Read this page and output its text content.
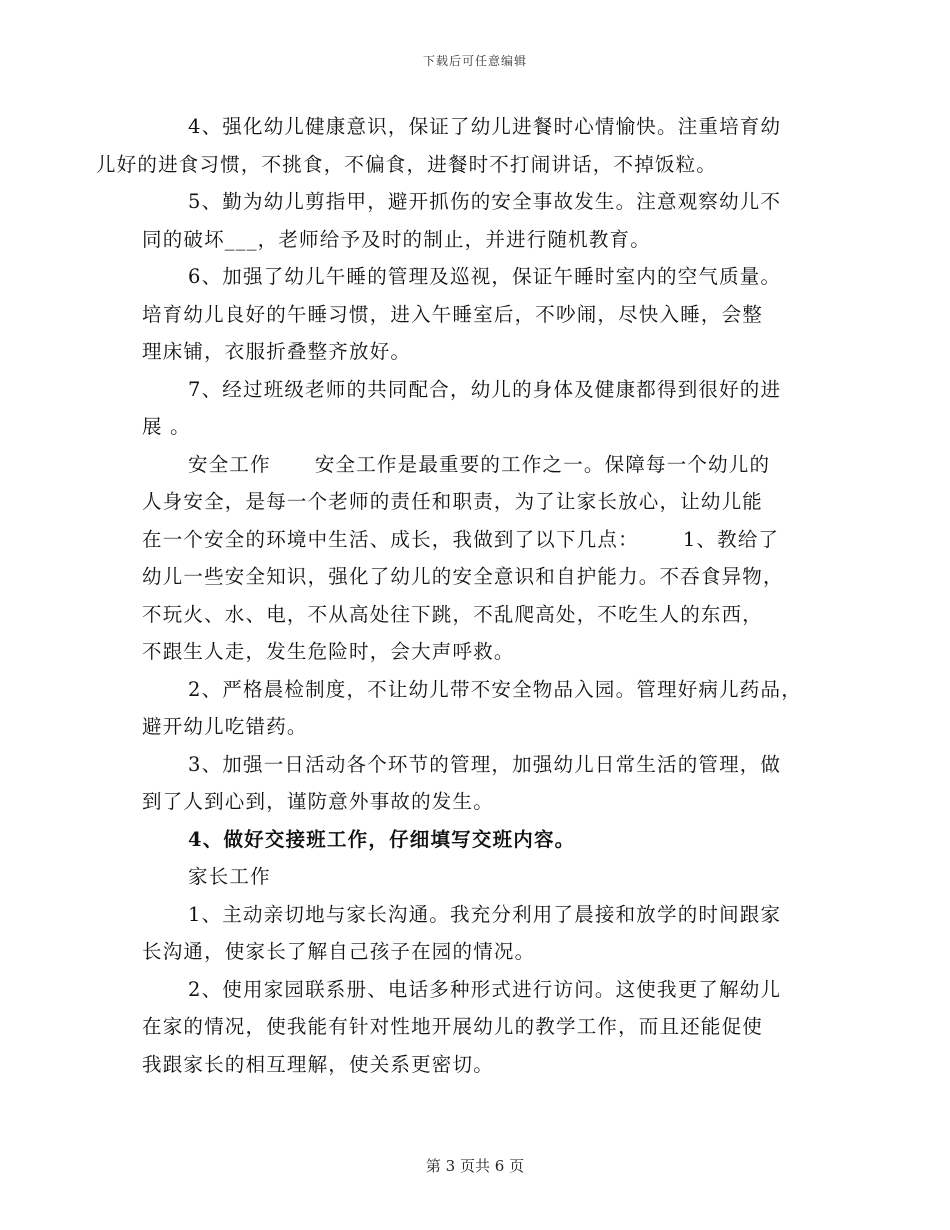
下载后可任意编辑

4、强化幼儿健康意识，保证了幼儿进餐时心情愉快。注重培育幼
儿好的进食习惯，不挑食，不偏食，进餐时不打闹讲话，不掉饭粒。

5、勤为幼儿剪指甲，避开抓伤的安全事故发生。注意观察幼儿不
同的破坏___，老师给予及时的制止，并进行随机教育。

6、加强了幼儿午睡的管理及巡视，保证午睡时室内的空气质量。
培育幼儿良好的午睡习惯，进入午睡室后，不吵闹，尽快入睡，会整
理床铺，衣服折叠整齐放好。

7、经过班级老师的共同配合，幼儿的身体及健康都得到很好的进
展 。

安全工作 安全工作是最重要的工作之一。保障每一个幼儿的
人身安全，是每一个老师的责任和职责，为了让家长放心，让幼儿能
在一个安全的环境中生活、成长，我做到了以下几点： 1、教给了
幼儿一些安全知识，强化了幼儿的安全意识和自护能力。不吞食异物，
不玩火、水、电，不从高处往下跳，不乱爬高处，不吃生人的东西，
不跟生人走，发生危险时，会大声呼救。

2、严格晨检制度，不让幼儿带不安全物品入园。管理好病儿药品，
避开幼儿吃错药。

3、加强一日活动各个环节的管理，加强幼儿日常生活的管理，做
到了人到心到，谨防意外事故的发生。

4、做好交接班工作，仔细填写交班内容。

家长工作

1、主动亲切地与家长沟通。我充分利用了晨接和放学的时间跟家
长沟通，使家长了解自己孩子在园的情况。

2、使用家园联系册、电话多种形式进行访问。这使我更了解幼儿
在家的情况，使我能有针对性地开展幼儿的教学工作，而且还能促使
我跟家长的相互理解，使关系更密切。

第 3 页共 6 页
